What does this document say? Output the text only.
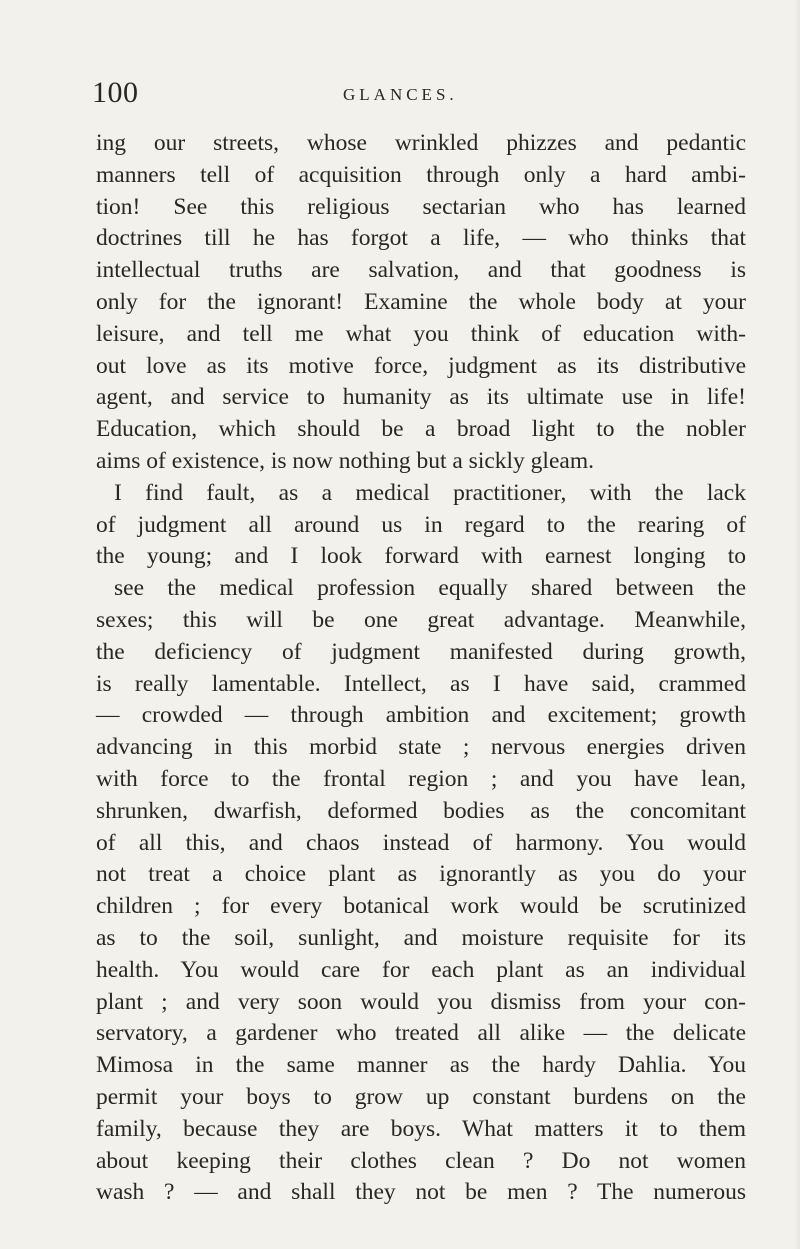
100	GLANCES.
ing our streets, whose wrinkled phizzes and pedantic
manners tell of acquisition through only a hard ambi-
tion! See this religious sectarian who has learned
doctrines till he has forgot a life, — who thinks that
intellectual truths are salvation, and that goodness is
only for the ignorant! Examine the whole body at your
leisure, and tell me what you think of education with-
out love as its motive force, judgment as its distributive
agent, and service to humanity as its ultimate use in life!
Education, which should be a broad light to the nobler
aims of existence, is now nothing but a sickly gleam.
I find fault, as a medical practitioner, with the lack
of judgment all around us in regard to the rearing of
the young; and I look forward with earnest longing to
see the medical profession equally shared between the
sexes; this will be one great advantage. Meanwhile,
the deficiency of judgment manifested during growth,
is really lamentable. Intellect, as I have said, crammed
— crowded — through ambition and excitement; growth
advancing in this morbid state ; nervous energies driven
with force to the frontal region ; and you have lean,
shrunken, dwarfish, deformed bodies as the concomitant
of all this, and chaos instead of harmony. You would
not treat a choice plant as ignorantly as you do your
children ; for every botanical work would be scrutinized
as to the soil, sunlight, and moisture requisite for its
health. You would care for each plant as an individual
plant ; and very soon would you dismiss from your con-
servatory, a gardener who treated all alike — the delicate
Mimosa in the same manner as the hardy Dahlia. You
permit your boys to grow up constant burdens on the
family, because they are boys. What matters it to them
about keeping their clothes clean ? Do not women
wash ? — and shall they not be men ? The numerous
